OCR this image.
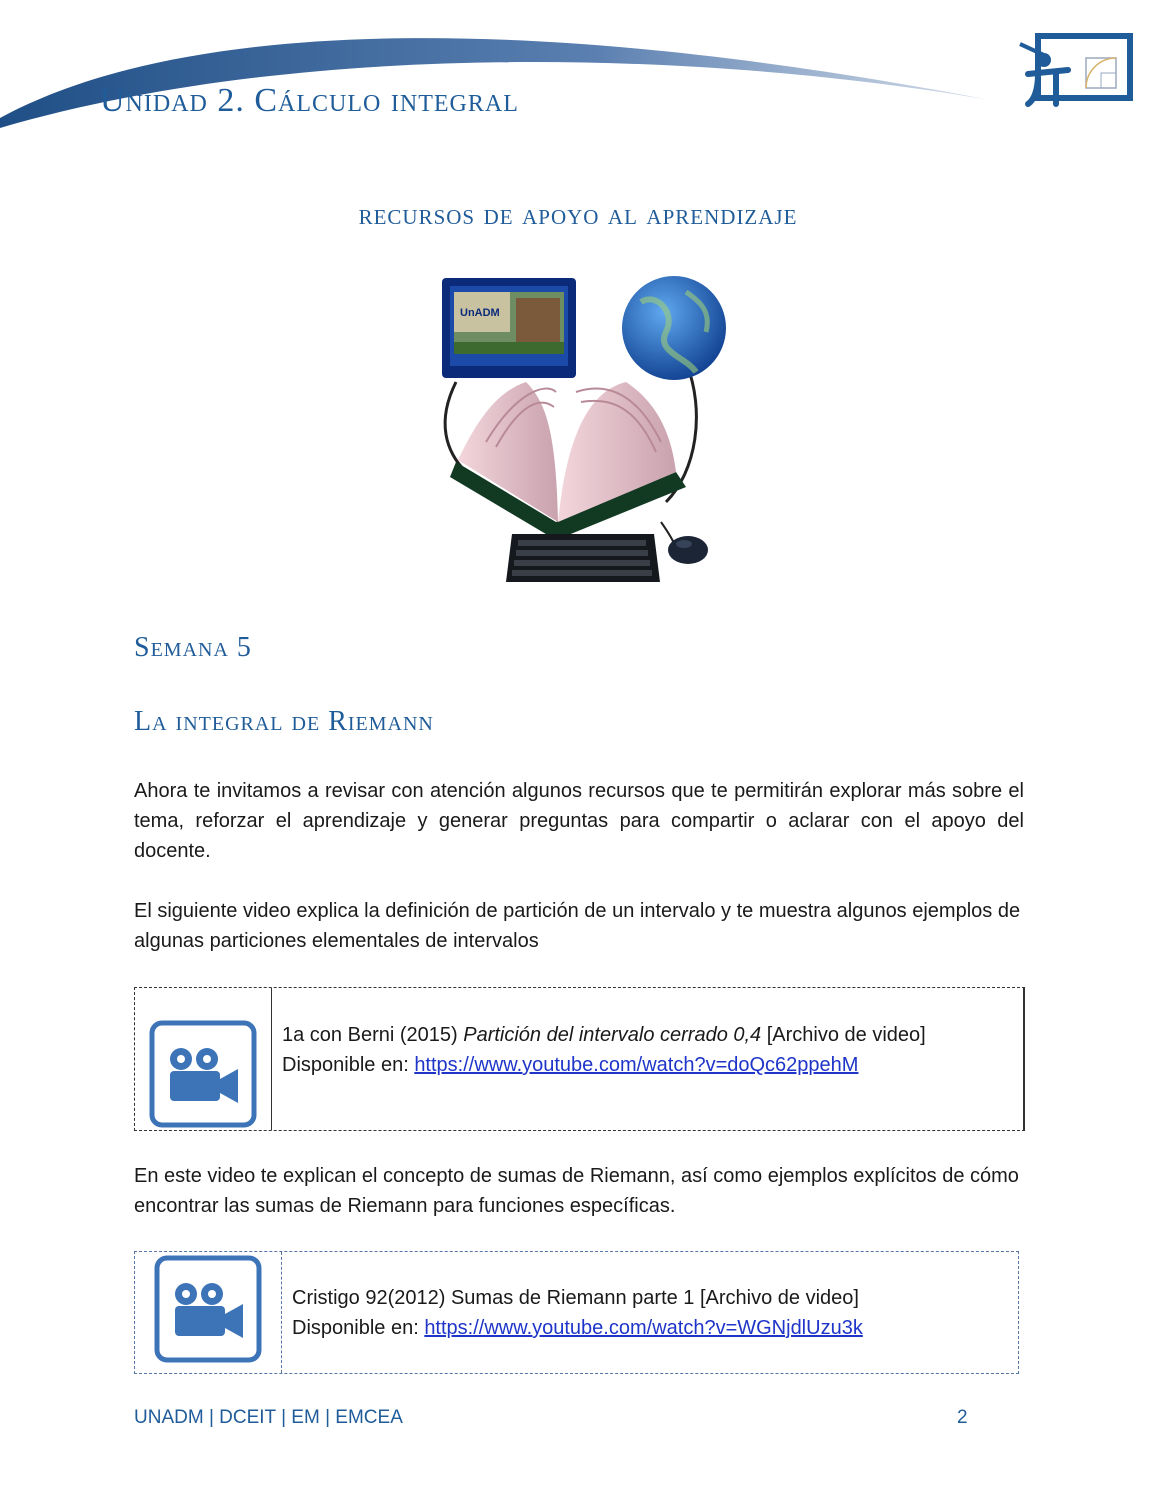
Unidad 2. Cálculo integral
recursos de apoyo al aprendizaje
UnADM
Semana 5
La integral de Riemann
Ahora te invitamos a revisar con atención algunos recursos que te permitirán explorar más sobre el tema, reforzar el aprendizaje y generar preguntas para compartir o aclarar con el apoyo del docente.
El siguiente video explica la definición de partición de un intervalo y te muestra algunos ejemplos de algunas particiones elementales de intervalos
1a con Berni (2015) Partición del intervalo cerrado 0,4 [Archivo de video]
Disponible en: https://www.youtube.com/watch?v=doQc62ppehM
En este video te explican el concepto de sumas de Riemann, así como ejemplos explícitos de cómo encontrar las sumas de Riemann para funciones específicas.
Cristigo 92(2012) Sumas de Riemann parte 1 [Archivo de video]
Disponible en: https://www.youtube.com/watch?v=WGNjdlUzu3k
UNADM | DCEIT | EM | EMCEA	2
